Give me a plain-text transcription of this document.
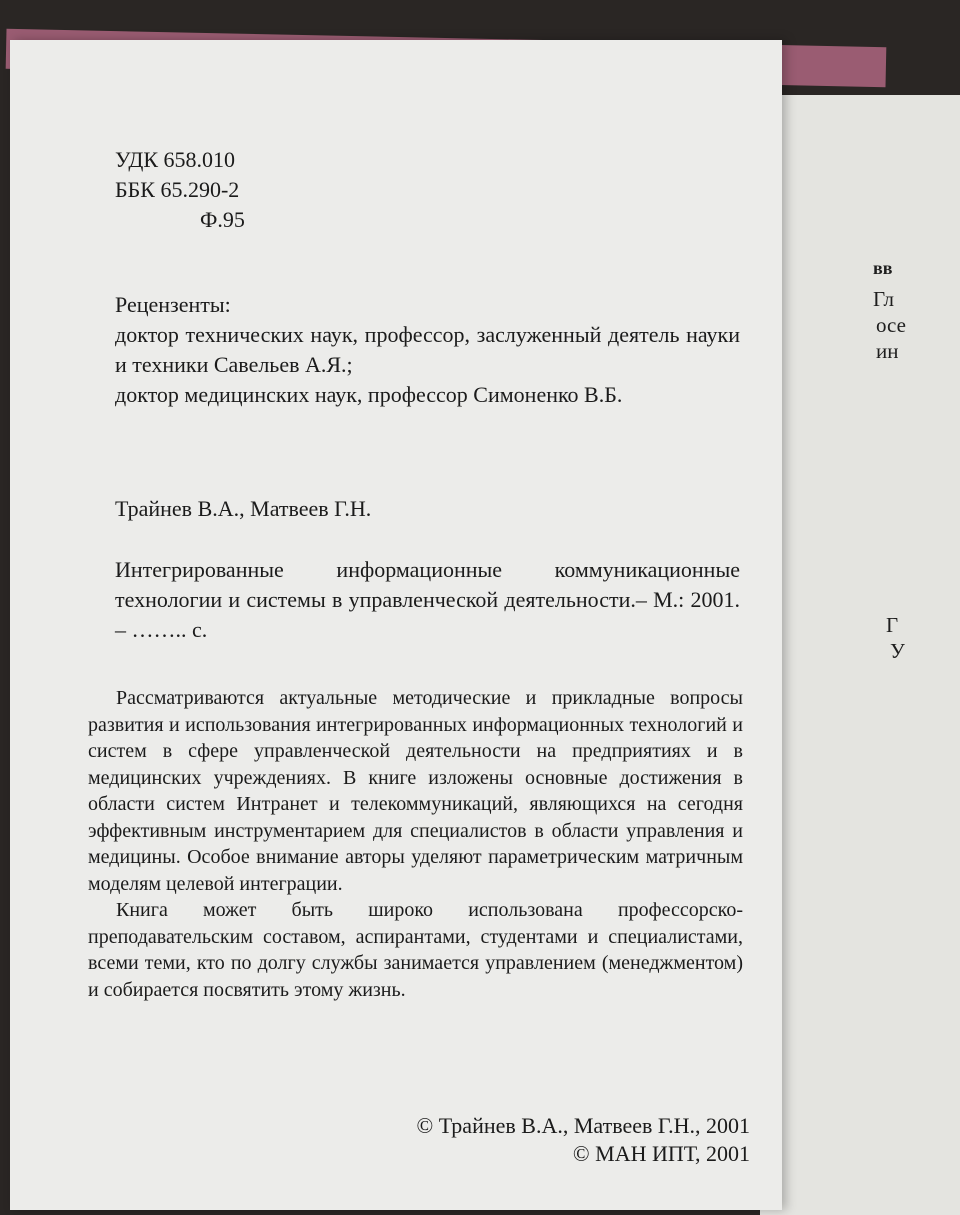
вв
Гл
осе
ин
Г
У
УДК 658.010
ББК 65.290-2
Ф.95

Рецензенты:

доктор технических наук, профессор, заслуженный деятель науки и техники Савельев А.Я.;

доктор медицинских наук, профессор Симоненко В.Б.

Трайнев В.А., Матвеев Г.Н.
Интегрированные информационные коммуникационные технологии и системы в управленческой деятельности.– М.: 2001. – …….. с.

Рассматриваются актуальные методические и прикладные вопросы развития и использования интегрированных информационных технологий и систем в сфере управленческой деятельности на предприятиях и в медицинских учреждениях. В книге изложены основные достижения в области систем Интранет и телекоммуникаций, являющихся на сегодня эффективным инструментарием для специалистов в области управления и медицины. Особое внимание авторы уделяют параметрическим матричным моделям целевой интеграции.

Книга может быть широко использована профессорско-преподавательским составом, аспирантами, студентами и специалистами, всеми теми, кто по долгу службы занимается управлением (менеджментом) и собирается посвятить этому жизнь.

© Трайнев В.А., Матвеев Г.Н., 2001
© МАН ИПТ, 2001
